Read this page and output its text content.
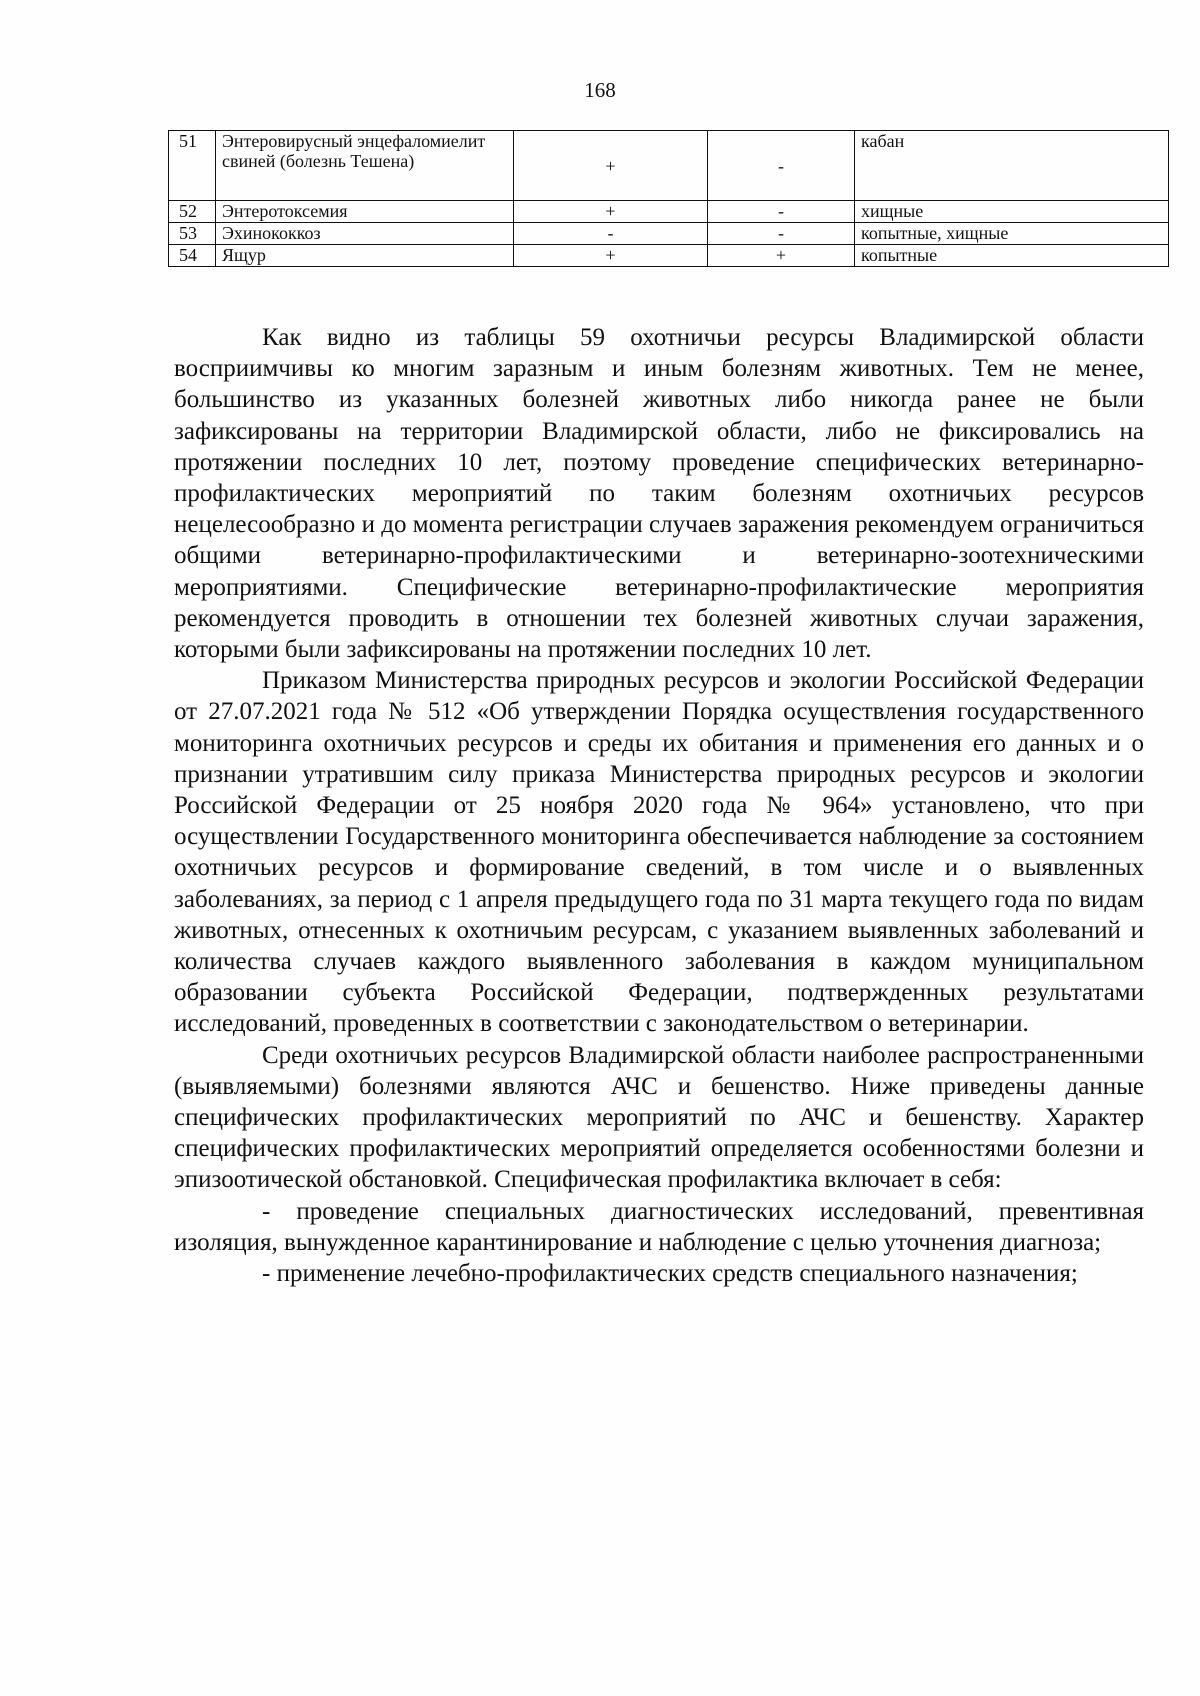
168
51	Энтеровирусный энцефаломиелит свиней (болезнь Тешена)	+	-	кабан
52	Энтеротоксемия	+	-	хищные
53	Эхинококкоз	-	-	копытные, хищные
54	Ящур	+	+	копытные

Как видно из таблицы 59 охотничьи ресурсы Владимирской области восприимчивы ко многим заразным и иным болезням животных. Тем не менее, большинство из указанных болезней животных либо никогда ранее не были зафиксированы на территории Владимирской области, либо не фиксировались на протяжении последних 10 лет, поэтому проведение специфических ветеринарно-профилактических мероприятий по таким болезням охотничьих ресурсов нецелесообразно и до момента регистрации случаев заражения рекомендуем ограничиться общими ветеринарно-профилактическими и ветеринарно-зоотехническими мероприятиями. Специфические ветеринарно-профилактические мероприятия рекомендуется проводить в отношении тех болезней животных случаи заражения, которыми были зафиксированы на протяжении последних 10 лет.

Приказом Министерства природных ресурсов и экологии Российской Федерации от 27.07.2021 года № 512 «Об утверждении Порядка осуществления государственного мониторинга охотничьих ресурсов и среды их обитания и применения его данных и о признании утратившим силу приказа Министерства природных ресурсов и экологии Российской Федерации от 25 ноября 2020 года № 964» установлено, что при осуществлении Государственного мониторинга обеспечивается наблюдение за состоянием охотничьих ресурсов и формирование сведений, в том числе и о выявленных заболеваниях, за период с 1 апреля предыдущего года по 31 марта текущего года по видам животных, отнесенных к охотничьим ресурсам, с указанием выявленных заболеваний и количества случаев каждого выявленного заболевания в каждом муниципальном образовании субъекта Российской Федерации, подтвержденных результатами исследований, проведенных в соответствии с законодательством о ветеринарии.

Среди охотничьих ресурсов Владимирской области наиболее распространенными (выявляемыми) болезнями являются АЧС и бешенство. Ниже приведены данные специфических профилактических мероприятий по АЧС и бешенству. Характер специфических профилактических мероприятий определяется особенностями болезни и эпизоотической обстановкой. Специфическая профилактика включает в себя:

- проведение специальных диагностических исследований, превентивная изоляция, вынужденное карантинирование и наблюдение с целью уточнения диагноза;

- применение лечебно-профилактических средств специального назначения;
